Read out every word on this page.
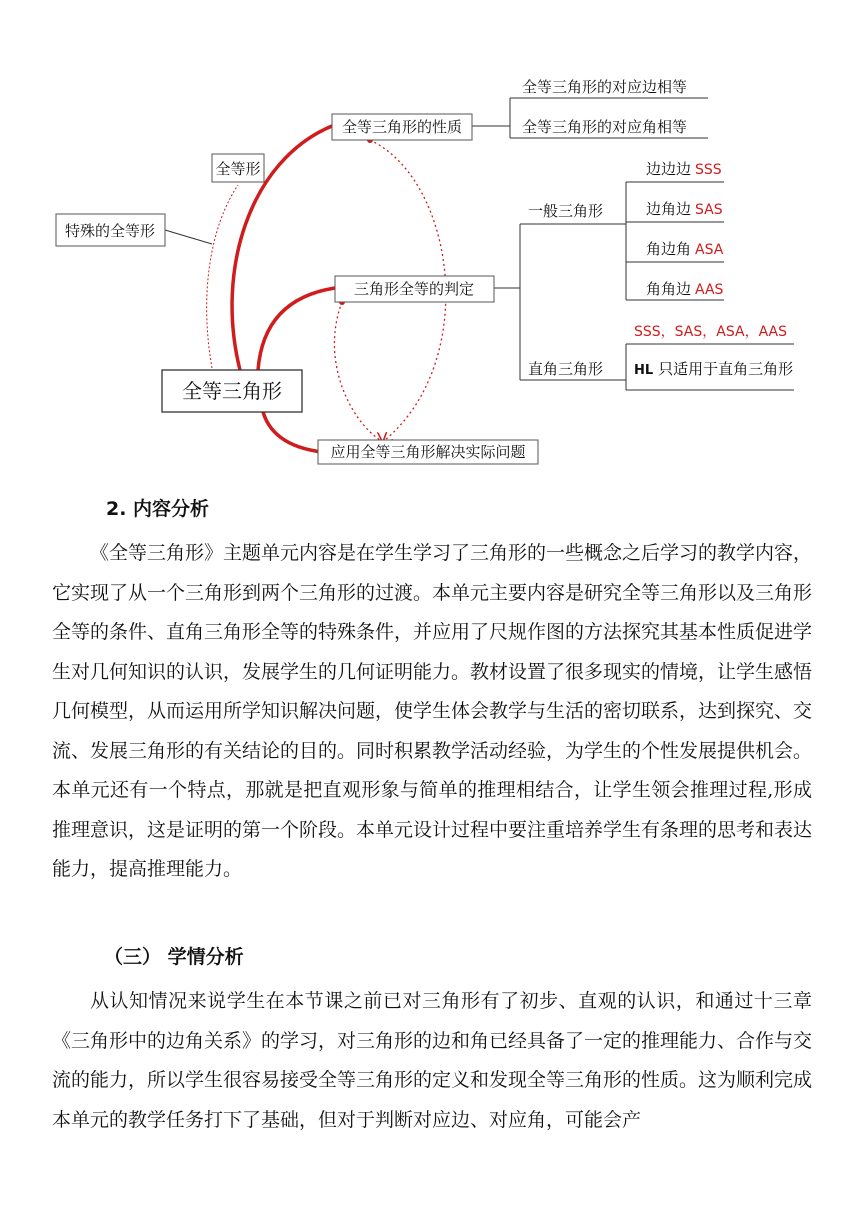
特殊的全等形
全等形
全等三角形的性质
全等三角形的对应边相等
全等三角形的对应角相等
三角形全等的判定
一般三角形
直角三角形
边边边 SSS
边角边 SAS
角边角 ASA
角角边 AAS
SSS，SAS，ASA，AAS
HL 只适用于直角三角形
全等三角形
应用全等三角形解决实际问题
2. 内容分析

《全等三角形》主题单元内容是在学生学习了三角形的一些概念之后学习的教学内容，它实现了从一个三角形到两个三角形的过渡。本单元主要内容是研究全等三角形以及三角形全等的条件、直角三角形全等的特殊条件，并应用了尺规作图的方法探究其基本性质促进学生对几何知识的认识，发展学生的几何证明能力。教材设置了很多现实的情境，让学生感悟几何模型，从而运用所学知识解决问题，使学生体会教学与生活的密切联系，达到探究、交流、发展三角形的有关结论的目的。同时积累教学活动经验，为学生的个性发展提供机会。本单元还有一个特点，那就是把直观形象与简单的推理相结合，让学生领会推理过程,形成推理意识，这是证明的第一个阶段。本单元设计过程中要注重培养学生有条理的思考和表达能力，提高推理能力。

（三） 学情分析

从认知情况来说学生在本节课之前已对三角形有了初步、直观的认识，和通过十三章《三角形中的边角关系》的学习，对三角形的边和角已经具备了一定的推理能力、合作与交流的能力，所以学生很容易接受全等三角形的定义和发现全等三角形的性质。这为顺利完成本单元的教学任务打下了基础，但对于判断对应边、对应角，可能会产
